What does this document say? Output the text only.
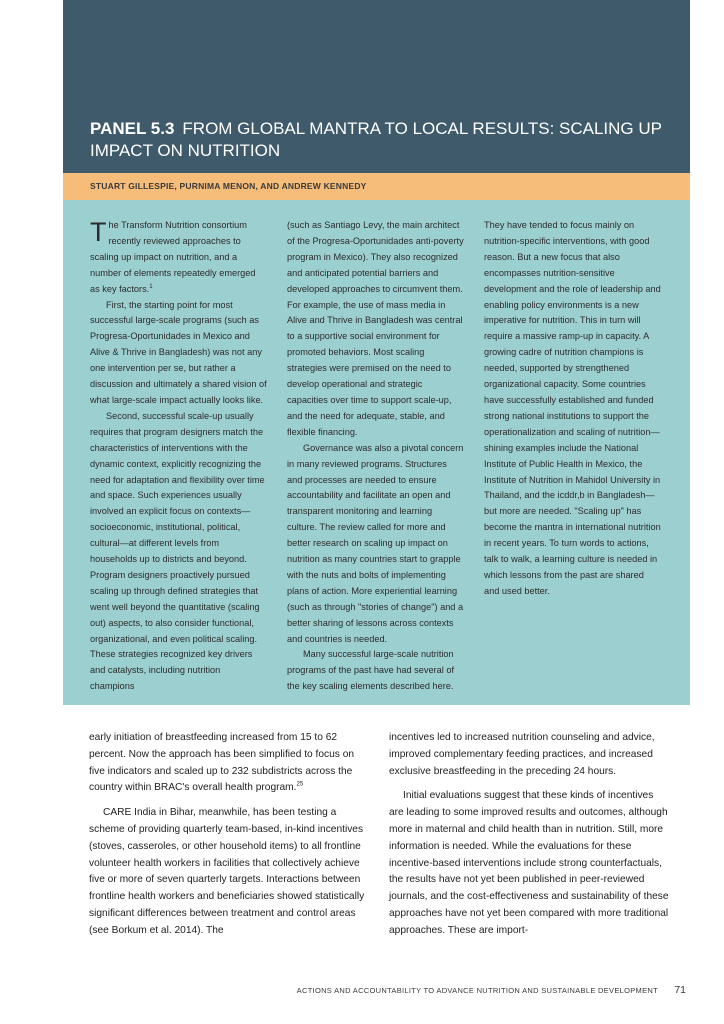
PANEL 5.3 FROM GLOBAL MANTRA TO LOCAL RESULTS: SCALING UP IMPACT ON NUTRITION

STUART GILLESPIE, PURNIMA MENON, AND ANDREW KENNEDY

The Transform Nutrition consortium recently reviewed approaches to scaling up impact on nutrition, and a number of elements repeatedly emerged as key factors.$^1$

First, the starting point for most successful large-scale programs (such as Progresa-Oportunidades in Mexico and Alive & Thrive in Bangladesh) was not any one intervention per se, but rather a discussion and ultimately a shared vision of what large-scale impact actually looks like.

Second, successful scale-up usually requires that program designers match the characteristics of interventions with the dynamic context, explicitly recognizing the need for adaptation and flexibility over time and space. Such experiences usually involved an explicit focus on contexts—socioeconomic, institutional, political, cultural—at different levels from households up to districts and beyond. Program designers proactively pursued scaling up through defined strategies that went well beyond the quantitative (scaling out) aspects, to also consider functional, organizational, and even political scaling. These strategies recognized key drivers and catalysts, including nutrition champions

(such as Santiago Levy, the main architect of the Progresa-Oportunidades anti-poverty program in Mexico). They also recognized and anticipated potential barriers and developed approaches to circumvent them. For example, the use of mass media in Alive and Thrive in Bangladesh was central to a supportive social environment for promoted behaviors. Most scaling strategies were premised on the need to develop operational and strategic capacities over time to support scale-up, and the need for adequate, stable, and flexible financing.

Governance was also a pivotal concern in many reviewed programs. Structures and processes are needed to ensure accountability and facilitate an open and transparent monitoring and learning culture. The review called for more and better research on scaling up impact on nutrition as many countries start to grapple with the nuts and bolts of implementing plans of action. More experiential learning (such as through "stories of change") and a better sharing of lessons across contexts and countries is needed.

Many successful large-scale nutrition programs of the past have had several of the key scaling elements described here.

They have tended to focus mainly on nutrition-specific interventions, with good reason. But a new focus that also encompasses nutrition-sensitive development and the role of leadership and enabling policy environments is a new imperative for nutrition. This in turn will require a massive ramp-up in capacity. A growing cadre of nutrition champions is needed, supported by strengthened organizational capacity. Some countries have successfully established and funded strong national institutions to support the operationalization and scaling of nutrition—shining examples include the National Institute of Public Health in Mexico, the Institute of Nutrition in Mahidol University in Thailand, and the icddr,b in Bangladesh—but more are needed. "Scaling up" has become the mantra in international nutrition in recent years. To turn words to actions, talk to walk, a learning culture is needed in which lessons from the past are shared and used better.

early initiation of breastfeeding increased from 15 to 62 percent. Now the approach has been simplified to focus on five indicators and scaled up to 232 subdistricts across the country within BRAC's overall health program.$^{25}$

CARE India in Bihar, meanwhile, has been testing a scheme of providing quarterly team-based, in-kind incentives (stoves, casseroles, or other household items) to all frontline volunteer health workers in facilities that collectively achieve five or more of seven quarterly targets. Interactions between frontline health workers and beneficiaries showed statistically significant differences between treatment and control areas (see Borkum et al. 2014). The

incentives led to increased nutrition counseling and advice, improved complementary feeding practices, and increased exclusive breastfeeding in the preceding 24 hours.

Initial evaluations suggest that these kinds of incentives are leading to some improved results and outcomes, although more in maternal and child health than in nutrition. Still, more information is needed. While the evaluations for these incentive-based interventions include strong counterfactuals, the results have not yet been published in peer-reviewed journals, and the cost-effectiveness and sustainability of these approaches have not yet been compared with more traditional approaches. These are import-

ACTIONS AND ACCOUNTABILITY TO ADVANCE NUTRITION AND SUSTAINABLE DEVELOPMENT 71
